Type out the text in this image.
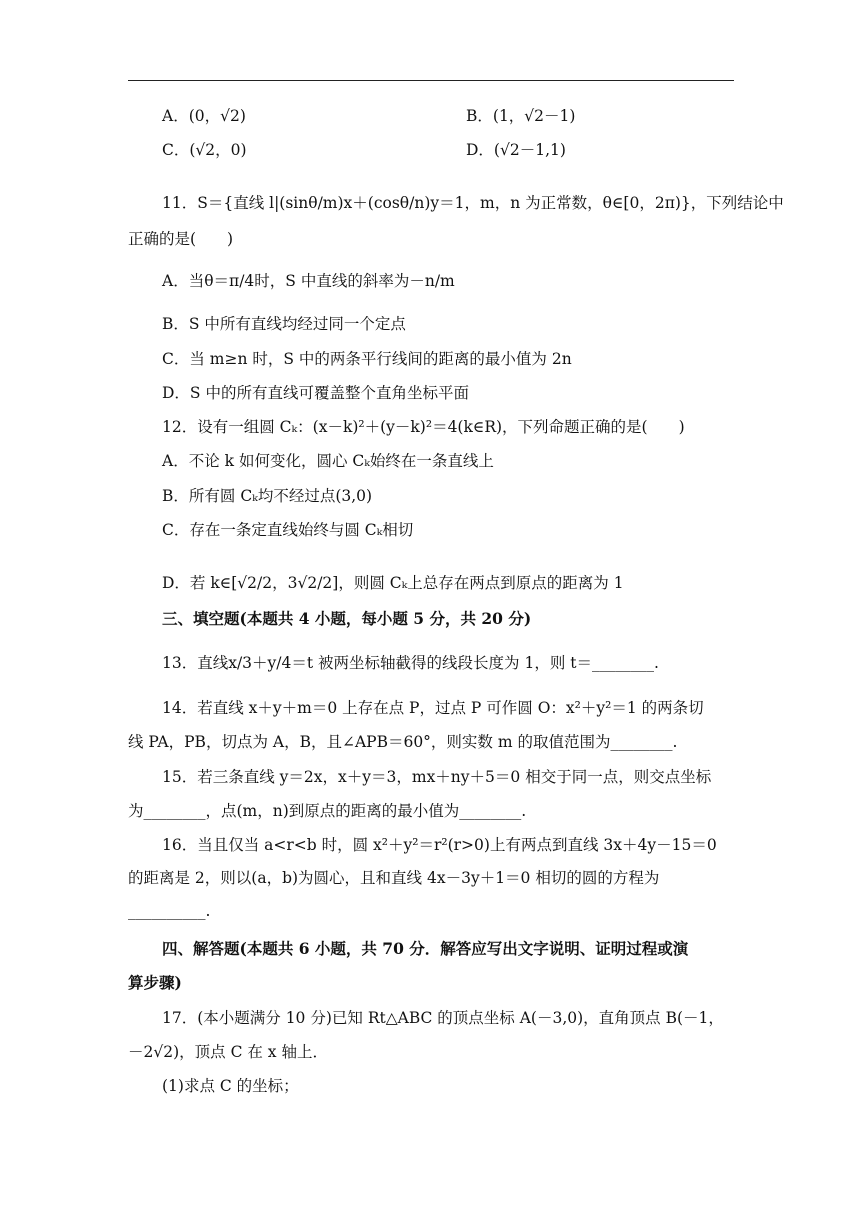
A．(0，√2)	B．(1，√2－1)
C．(√2，0)	D．(√2－1,1)
11．S＝{直线 l|(sinθ/m)x＋(cosθ/n)y＝1，m，n 为正常数，θ∈[0，2π)}，下列结论中
正确的是(　　)
A．当θ＝π/4时，S 中直线的斜率为－n/m
B．S 中所有直线均经过同一个定点
C．当 m≥n 时，S 中的两条平行线间的距离的最小值为 2n
D．S 中的所有直线可覆盖整个直角坐标平面
12．设有一组圆 Cₖ：(x－k)²＋(y－k)²＝4(k∈R)，下列命题正确的是(　　)
A．不论 k 如何变化，圆心 Cₖ始终在一条直线上
B．所有圆 Cₖ均不经过点(3,0)
C．存在一条定直线始终与圆 Cₖ相切
D．若 k∈[√2/2，3√2/2]，则圆 Cₖ上总存在两点到原点的距离为 1
三、填空题(本题共 4 小题，每小题 5 分，共 20 分)
13．直线x/3＋y/4＝t 被两坐标轴截得的线段长度为 1，则 t＝________.
14．若直线 x＋y＋m＝0 上存在点 P，过点 P 可作圆 O：x²＋y²＝1 的两条切
线 PA，PB，切点为 A，B，且∠APB＝60°，则实数 m 的取值范围为________.
15．若三条直线 y＝2x，x＋y＝3，mx＋ny＋5＝0 相交于同一点，则交点坐标
为________，点(m，n)到原点的距离的最小值为________.
16．当且仅当 a<r<b 时，圆 x²＋y²＝r²(r>0)上有两点到直线 3x＋4y－15＝0
的距离是 2，则以(a，b)为圆心，且和直线 4x－3y＋1＝0 相切的圆的方程为
__________.
四、解答题(本题共 6 小题，共 70 分．解答应写出文字说明、证明过程或演
算步骤)
17．(本小题满分 10 分)已知 Rt△ABC 的顶点坐标 A(－3,0)，直角顶点 B(－1，
－2√2)，顶点 C 在 x 轴上．
(1)求点 C 的坐标；
